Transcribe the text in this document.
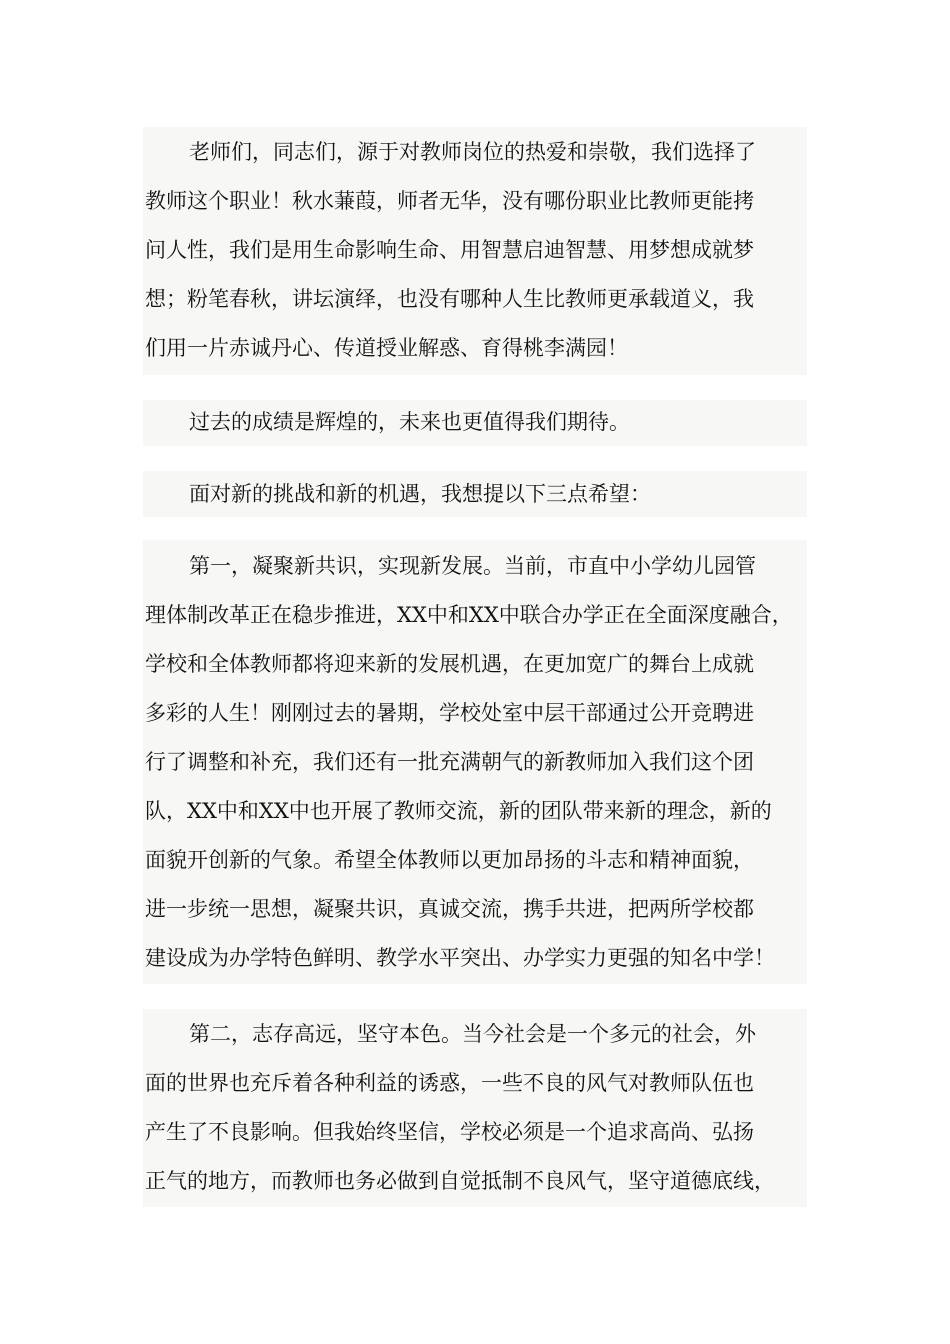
老师们，同志们，源于对教师岗位的热爱和崇敬，我们选择了
教师这个职业！秋水蒹葭，师者无华，没有哪份职业比教师更能拷
问人性，我们是用生命影响生命、用智慧启迪智慧、用梦想成就梦
想；粉笔春秋，讲坛演绎，也没有哪种人生比教师更承载道义，我
们用一片赤诚丹心、传道授业解惑、育得桃李满园！
过去的成绩是辉煌的，未来也更值得我们期待。
面对新的挑战和新的机遇，我想提以下三点希望：
第一，凝聚新共识，实现新发展。当前，市直中小学幼儿园管
理体制改革正在稳步推进，XX中和XX中联合办学正在全面深度融合，
学校和全体教师都将迎来新的发展机遇，在更加宽广的舞台上成就
多彩的人生！刚刚过去的暑期，学校处室中层干部通过公开竞聘进
行了调整和补充，我们还有一批充满朝气的新教师加入我们这个团
队，XX中和XX中也开展了教师交流，新的团队带来新的理念，新的
面貌开创新的气象。希望全体教师以更加昂扬的斗志和精神面貌，
进一步统一思想，凝聚共识，真诚交流，携手共进，把两所学校都
建设成为办学特色鲜明、教学水平突出、办学实力更强的知名中学！
第二，志存高远，坚守本色。当今社会是一个多元的社会，外
面的世界也充斥着各种利益的诱惑，一些不良的风气对教师队伍也
产生了不良影响。但我始终坚信，学校必须是一个追求高尚、弘扬
正气的地方，而教师也务必做到自觉抵制不良风气，坚守道德底线，
